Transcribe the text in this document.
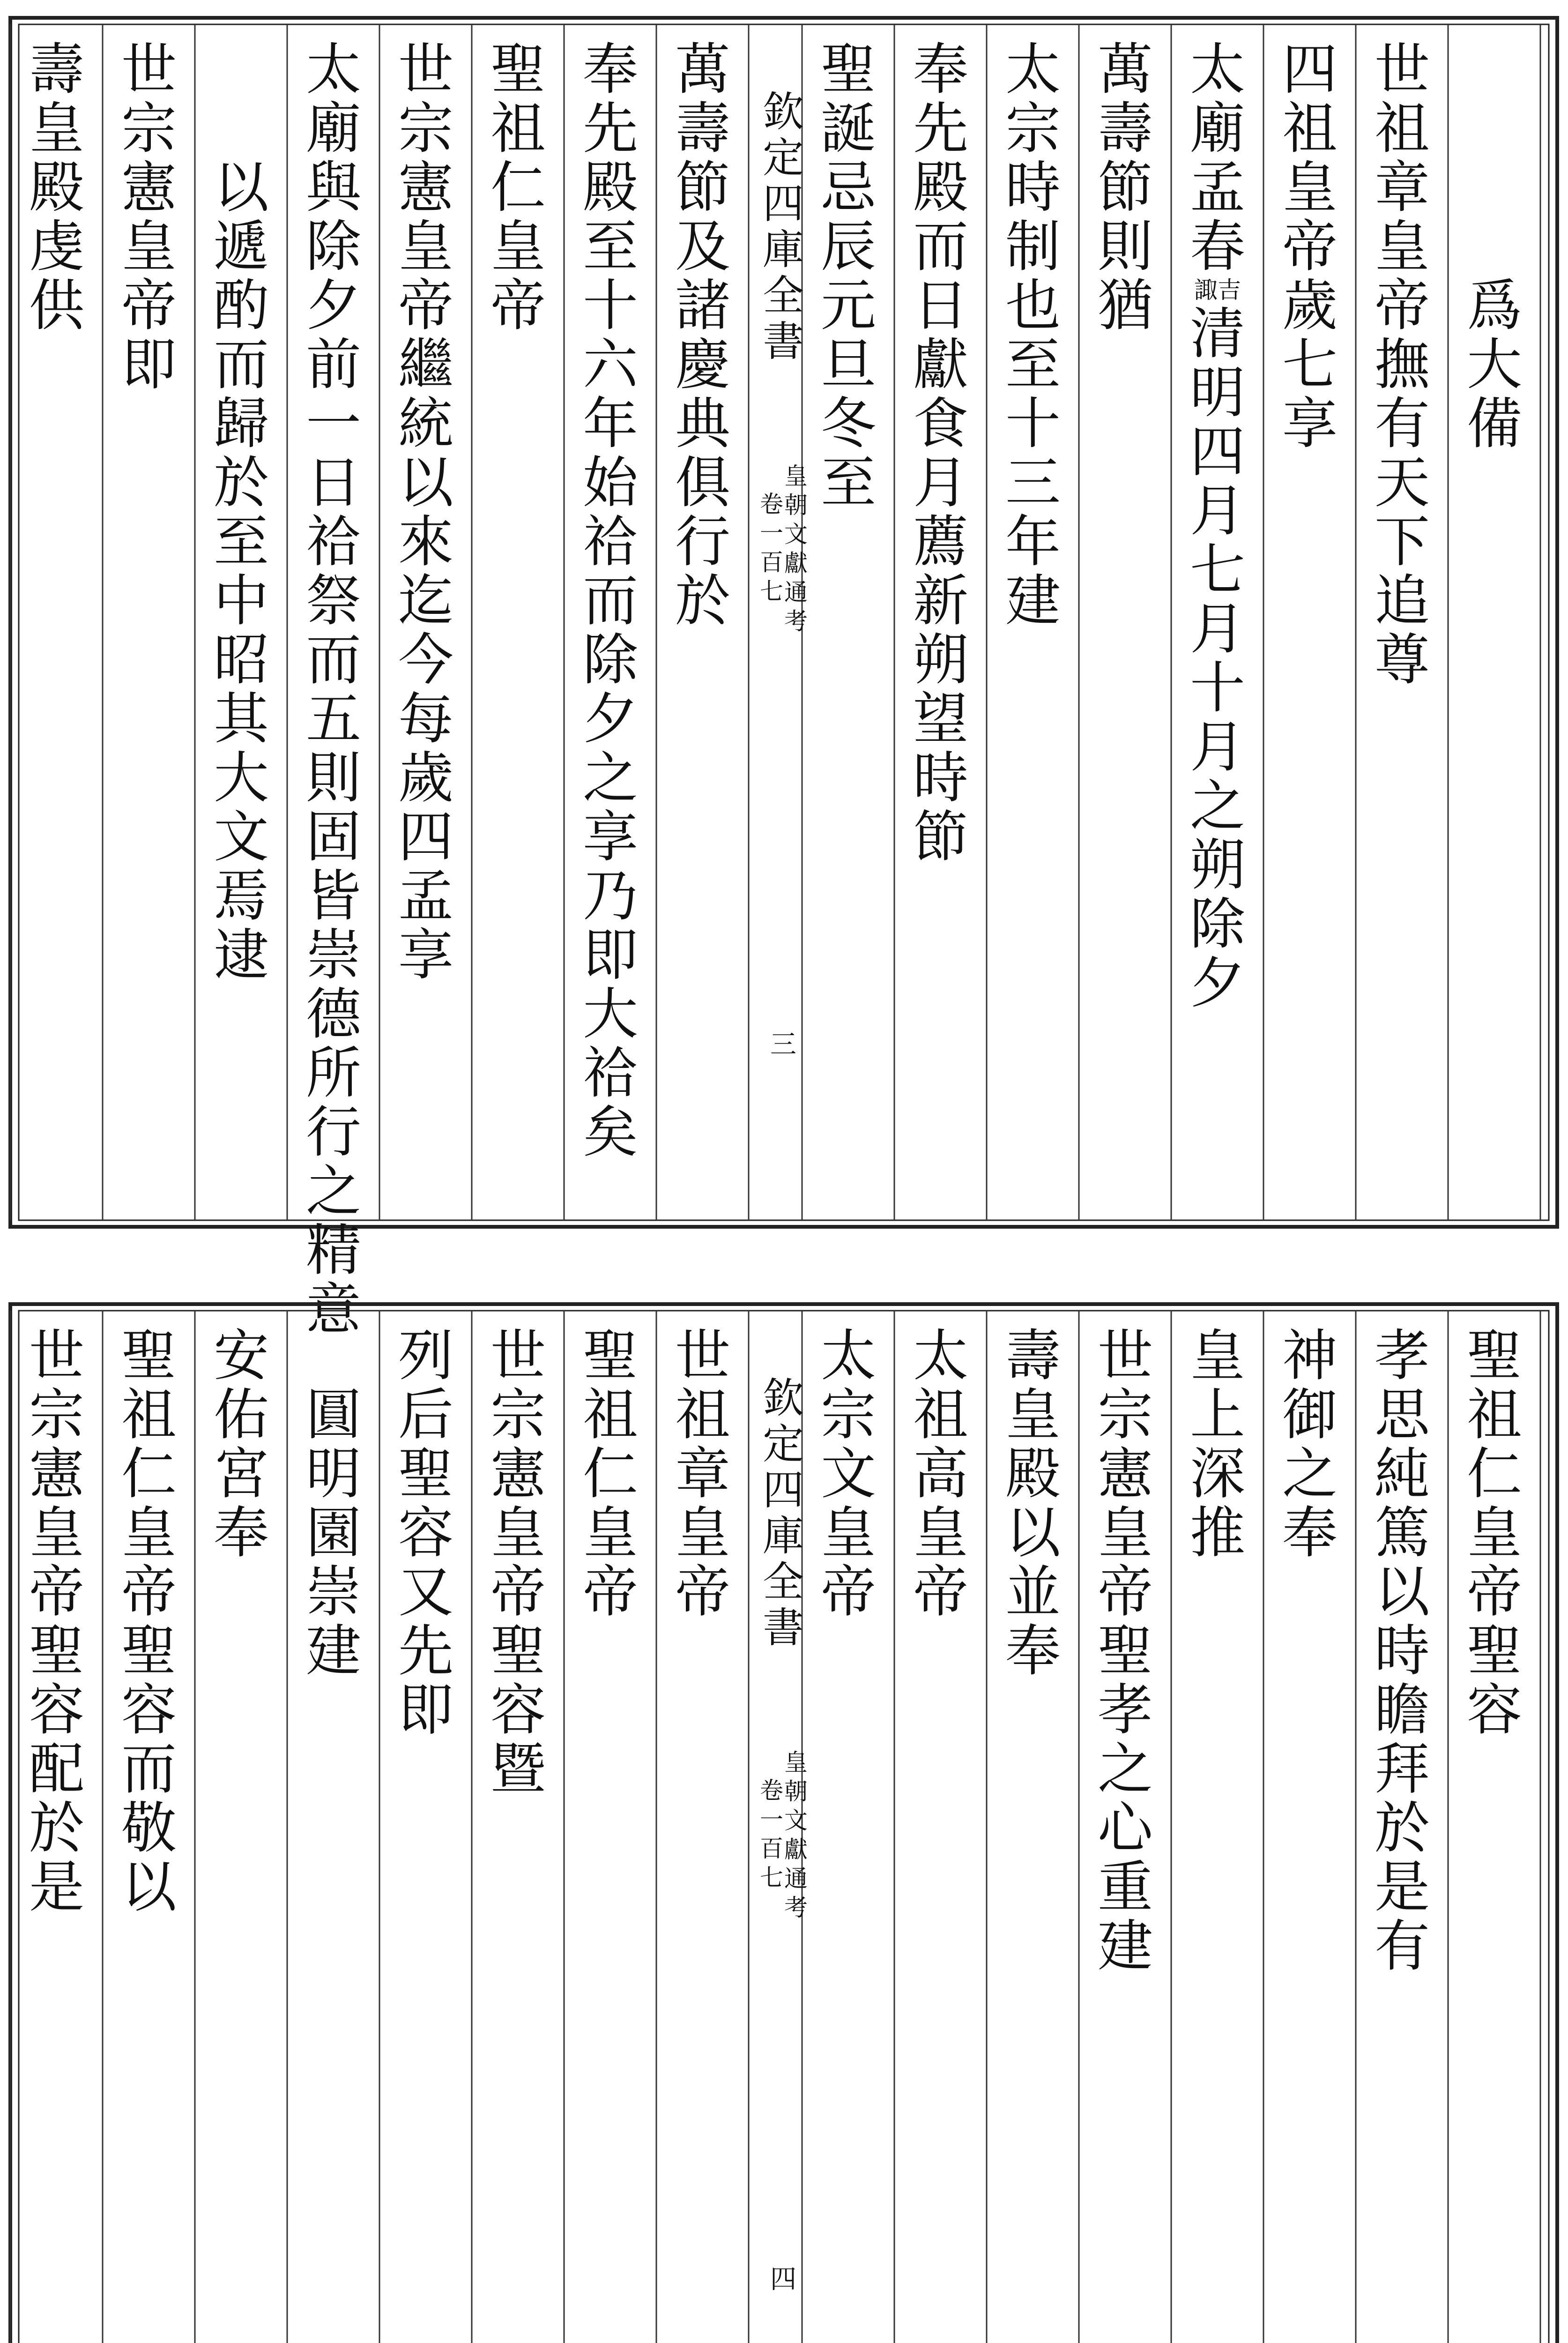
欽
定
四
庫
全
書
皇
朝
文
獻
通
考
卷
一
百
七
三
爲
大
備
世
祖
章
皇
帝
撫
有
天
下
追
尊
四
祖
皇
帝
歲
七
享
太
廟
孟
春
諏吉
清
明
四
月
七
月
十
月
之
朔
除
夕
萬
壽
節
則
猶
太
宗
時
制
也
至
十
三
年
建
奉
先
殿
而
日
獻
食
月
薦
新
朔
望
時
節
聖
誕
忌
辰
元
旦
冬
至
萬
壽
節
及
諸
慶
典
俱
行
於
奉
先
殿
至
十
六
年
始
祫
而
除
夕
之
享
乃
即
大
祫
矣
聖
祖
仁
皇
帝
世
宗
憲
皇
帝
繼
統
以
來
迄
今
每
歲
四
孟
享
太
廟
與
除
夕
前
一
日
祫
祭
而
五
則
固
皆
崇
德
所
行
之
精
意
以
遞
酌
而
歸
於
至
中
昭
其
大
文
焉
逮
世
宗
憲
皇
帝
即
壽
皇
殿
虔
供
欽
定
四
庫
全
書
皇
朝
文
獻
通
考
卷
一
百
七
四
聖
祖
仁
皇
帝
聖
容
孝
思
純
篤
以
時
瞻
拜
於
是
有
神
御
之
奉
皇
上
深
推
世
宗
憲
皇
帝
聖
孝
之
心
重
建
壽
皇
殿
以
並
奉
太
祖
高
皇
帝
太
宗
文
皇
帝
世
祖
章
皇
帝
聖
祖
仁
皇
帝
世
宗
憲
皇
帝
聖
容
暨
列
后
聖
容
又
先
即
圓
明
園
崇
建
安
佑
宮
奉
聖
祖
仁
皇
帝
聖
容
而
敬
以
世
宗
憲
皇
帝
聖
容
配
於
是
